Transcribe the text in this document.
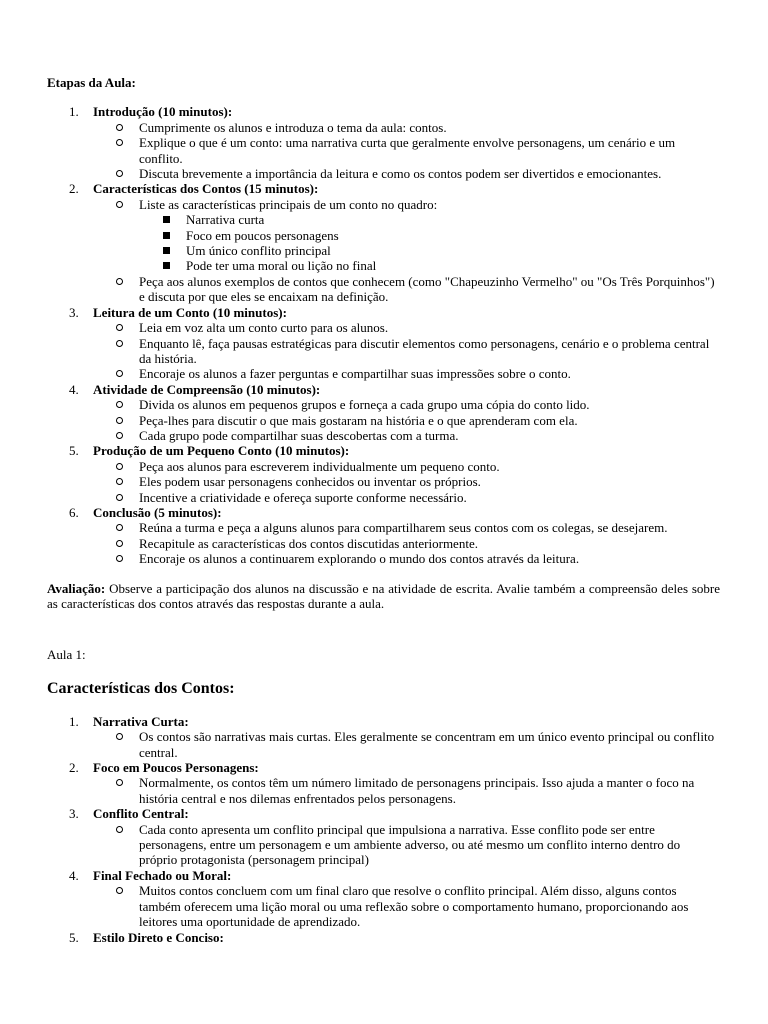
Etapas da Aula:
1. Introdução (10 minutos):
Cumprimente os alunos e introduza o tema da aula: contos.
Explique o que é um conto: uma narrativa curta que geralmente envolve personagens, um cenário e um conflito.
Discuta brevemente a importância da leitura e como os contos podem ser divertidos e emocionantes.
2. Características dos Contos (15 minutos):
Liste as características principais de um conto no quadro:
Narrativa curta
Foco em poucos personagens
Um único conflito principal
Pode ter uma moral ou lição no final
Peça aos alunos exemplos de contos que conhecem (como "Chapeuzinho Vermelho" ou "Os Três Porquinhos") e discuta por que eles se encaixam na definição.
3. Leitura de um Conto (10 minutos):
Leia em voz alta um conto curto para os alunos.
Enquanto lê, faça pausas estratégicas para discutir elementos como personagens, cenário e o problema central da história.
Encoraje os alunos a fazer perguntas e compartilhar suas impressões sobre o conto.
4. Atividade de Compreensão (10 minutos):
Divida os alunos em pequenos grupos e forneça a cada grupo uma cópia do conto lido.
Peça-lhes para discutir o que mais gostaram na história e o que aprenderam com ela.
Cada grupo pode compartilhar suas descobertas com a turma.
5. Produção de um Pequeno Conto (10 minutos):
Peça aos alunos para escreverem individualmente um pequeno conto.
Eles podem usar personagens conhecidos ou inventar os próprios.
Incentive a criatividade e ofereça suporte conforme necessário.
6. Conclusão (5 minutos):
Reúna a turma e peça a alguns alunos para compartilharem seus contos com os colegas, se desejarem.
Recapitule as características dos contos discutidas anteriormente.
Encoraje os alunos a continuarem explorando o mundo dos contos através da leitura.

Avaliação: Observe a participação dos alunos na discussão e na atividade de escrita. Avalie também a compreensão deles sobre as características dos contos através das respostas durante a aula.

Aula 1:

Características dos Contos:
1. Narrativa Curta:
Os contos são narrativas mais curtas. Eles geralmente se concentram em um único evento principal ou conflito central.
2. Foco em Poucos Personagens:
Normalmente, os contos têm um número limitado de personagens principais. Isso ajuda a manter o foco na história central e nos dilemas enfrentados pelos personagens.
3. Conflito Central:
Cada conto apresenta um conflito principal que impulsiona a narrativa. Esse conflito pode ser entre personagens, entre um personagem e um ambiente adverso, ou até mesmo um conflito interno dentro do próprio protagonista (personagem principal)
4. Final Fechado ou Moral:
Muitos contos concluem com um final claro que resolve o conflito principal. Além disso, alguns contos também oferecem uma lição moral ou uma reflexão sobre o comportamento humano, proporcionando aos leitores uma oportunidade de aprendizado.
5. Estilo Direto e Conciso:
